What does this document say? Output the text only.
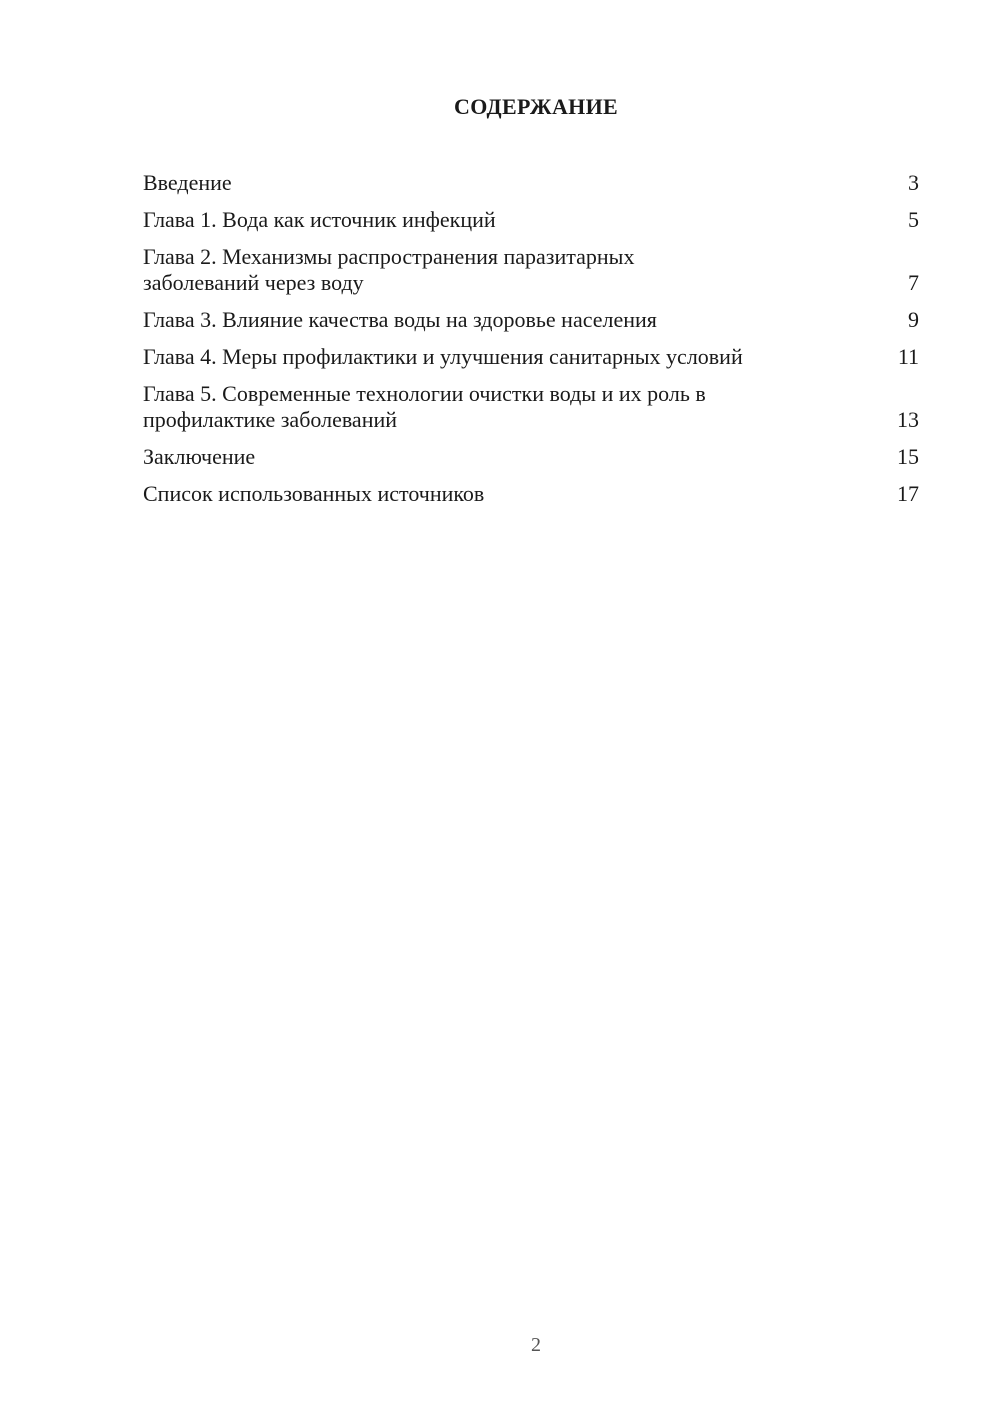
СОДЕРЖАНИЕ
Введение	3
Глава 1. Вода как источник инфекций	5
Глава 2. Механизмы распространения паразитарных заболеваний через воду	7
Глава 3. Влияние качества воды на здоровье населения	9
Глава 4. Меры профилактики и улучшения санитарных условий	11
Глава 5. Современные технологии очистки воды и их роль в профилактике заболеваний	13
Заключение	15
Список использованных источников	17
2
